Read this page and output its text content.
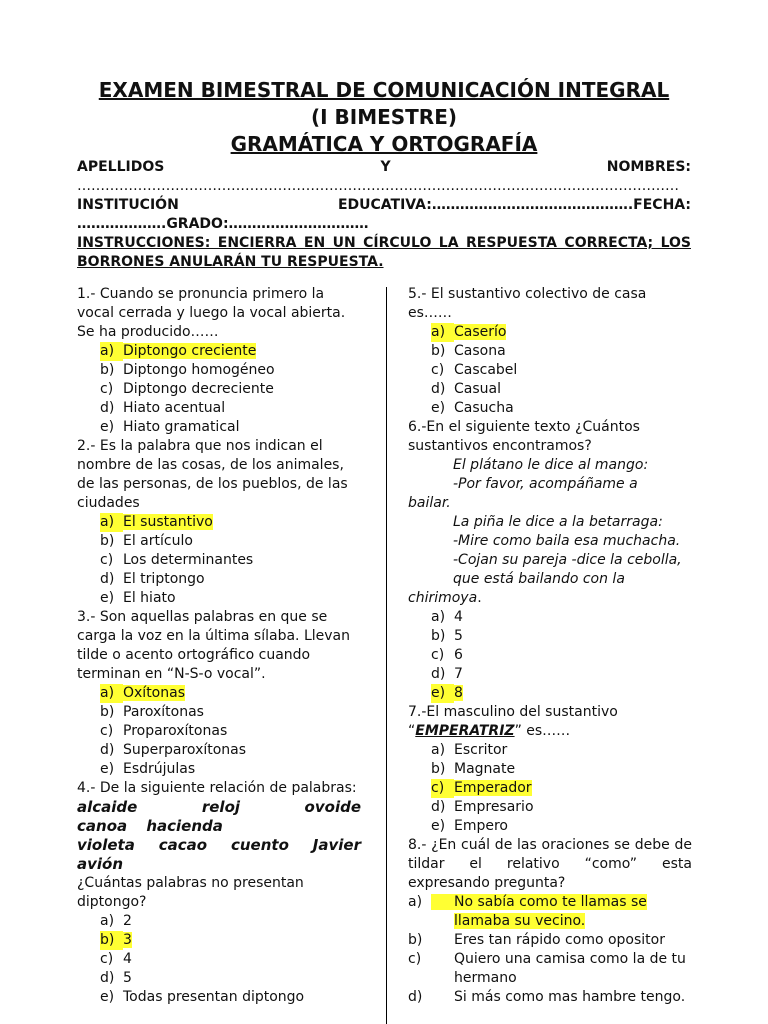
EXAMEN BIMESTRAL DE COMUNICACIÓN INTEGRAL
(I BIMESTRE)
GRAMÁTICA Y ORTOGRAFÍA
APELLIDOS	Y	NOMBRES:
…………………………………………………………………………………………………………………
INSTITUCIÓN	EDUCATIVA:…………………………………….FECHA:
……………….GRADO:…………………………
INSTRUCCIONES: ENCIERRA EN UN CÍRCULO LA RESPUESTA CORRECTA; LOS BORRONES ANULARÁN TU RESPUESTA.

1.- Cuando se pronuncia primero la vocal cerrada y luego la vocal abierta. Se ha producido……

a) Diptongo creciente
b) Diptongo homogéneo
c) Diptongo decreciente
d) Hiato acentual
e) Hiato gramatical

2.- Es la palabra que nos indican el nombre de las cosas, de los animales, de las personas, de los pueblos, de las ciudades

a) El sustantivo
b) El artículo
c) Los determinantes
d) El triptongo
e) El hiato

3.- Son aquellas palabras en que se carga la voz en la última sílaba. Llevan tilde o acento ortográfico cuando terminan en “N-S-o vocal”.

a) Oxítonas
b) Paroxítonas
c) Proparoxítonas
d) Superparoxítonas
e) Esdrújulas

4.- De la siguiente relación de palabras:

alcaide reloj ovoide
canoa hacienda
violeta cacao cuento Javier
avión

¿Cuántas palabras no presentan diptongo?

a) 2
b) 3
c) 4
d) 5
e) Todas presentan diptongo

5.- El sustantivo colectivo de casa es……

a) Caserío
b) Casona
c) Cascabel
d) Casual
e) Casucha

6.-En el siguiente texto ¿Cuántos sustantivos encontramos?

El plátano le dice al mango:
-Por favor, acompáñame a
bailar.
La piña le dice a la betarraga:
-Mire como baila esa muchacha.
-Cojan su pareja -dice la cebolla,
que está bailando con la
chirimoya.
a) 4
b) 5
c) 6
d) 7
e) 8

7.-El masculino del sustantivo

“EMPERATRIZ” es……

a) Escritor
b) Magnate
c) Emperador
d) Empresario
e) Empero

8.- ¿En cuál de las oraciones se debe de tildar el relativo “como” esta expresando pregunta?

a) No sabía como te llamas se llamaba su vecino.
b) Eres tan rápido como opositor
c) Quiero una camisa como la de tu hermano
d) Si más como mas hambre tengo.
